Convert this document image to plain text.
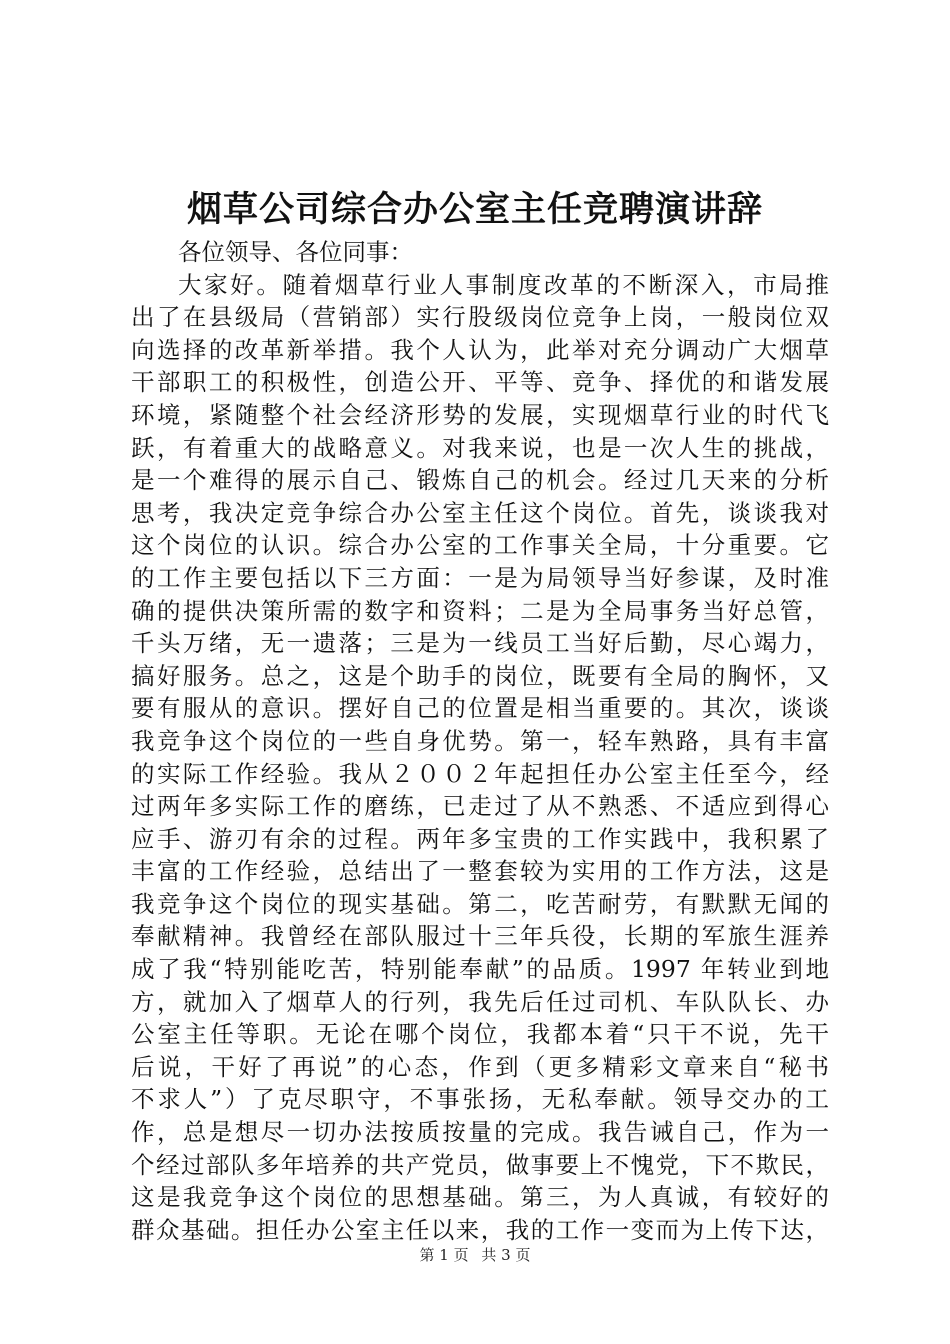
烟草公司综合办公室主任竞聘演讲辞
各位领导、各位同事：
大家好。随着烟草行业人事制度改革的不断深入，市局推
出了在县级局（营销部）实行股级岗位竞争上岗，一般岗位双
向选择的改革新举措。我个人认为，此举对充分调动广大烟草
干部职工的积极性，创造公开、平等、竞争、择优的和谐发展
环境，紧随整个社会经济形势的发展，实现烟草行业的时代飞
跃，有着重大的战略意义。对我来说，也是一次人生的挑战，
是一个难得的展示自己、锻炼自己的机会。经过几天来的分析
思考，我决定竞争综合办公室主任这个岗位。首先，谈谈我对
这个岗位的认识。综合办公室的工作事关全局，十分重要。它
的工作主要包括以下三方面：一是为局领导当好参谋，及时准
确的提供决策所需的数字和资料；二是为全局事务当好总管，
千头万绪，无一遗落；三是为一线员工当好后勤，尽心竭力，
搞好服务。总之，这是个助手的岗位，既要有全局的胸怀，又
要有服从的意识。摆好自己的位置是相当重要的。其次，谈谈
我竞争这个岗位的一些自身优势。第一，轻车熟路，具有丰富
的实际工作经验。我从２００２年起担任办公室主任至今，经
过两年多实际工作的磨练，已走过了从不熟悉、不适应到得心
应手、游刃有余的过程。两年多宝贵的工作实践中，我积累了
丰富的工作经验，总结出了一整套较为实用的工作方法，这是
我竞争这个岗位的现实基础。第二，吃苦耐劳，有默默无闻的
奉献精神。我曾经在部队服过十三年兵役，长期的军旅生涯养
成了我“特别能吃苦，特别能奉献”的品质。1997 年转业到地
方，就加入了烟草人的行列，我先后任过司机、车队队长、办
公室主任等职。无论在哪个岗位，我都本着“只干不说，先干
后说，干好了再说”的心态，作到（更多精彩文章来自“秘书
不求人”）了克尽职守，不事张扬，无私奉献。领导交办的工
作，总是想尽一切办法按质按量的完成。我告诫自己，作为一
个经过部队多年培养的共产党员，做事要上不愧党，下不欺民，
这是我竞争这个岗位的思想基础。第三，为人真诚，有较好的
群众基础。担任办公室主任以来，我的工作一变而为上传下达，
第 1 页 共 3 页
